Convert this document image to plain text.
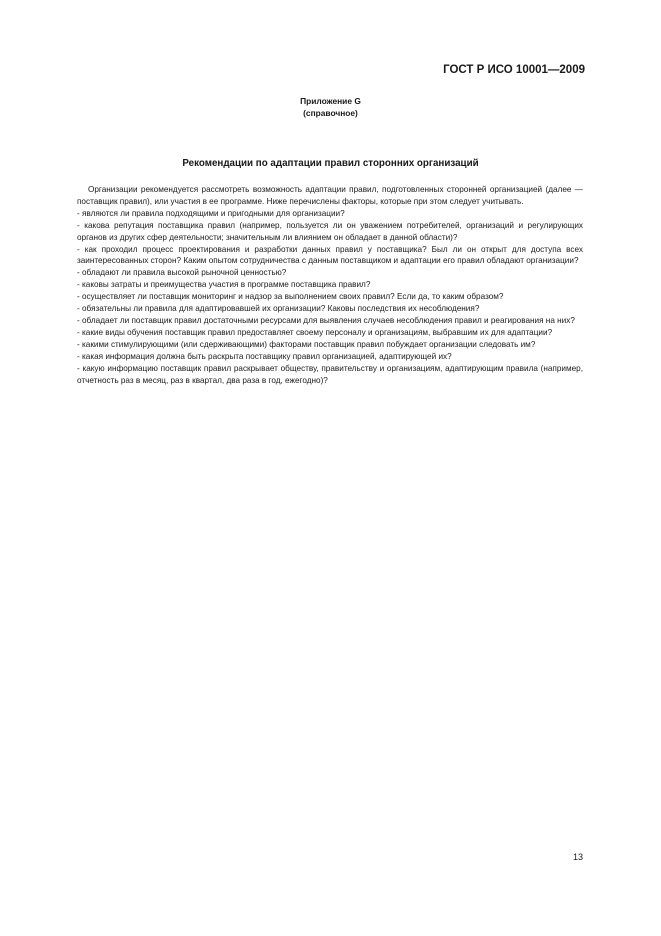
ГОСТ Р ИСО 10001—2009
Приложение G
(справочное)
Рекомендации по адаптации правил сторонних организаций

Организации рекомендуется рассмотреть возможность адаптации правил, подготовленных сторонней организацией (далее — поставщик правил), или участия в ее программе. Ниже перечислены факторы, которые при этом следует учитывать.

- являются ли правила подходящими и пригодными для организации?

- какова репутация поставщика правил (например, пользуется ли он уважением потребителей, организаций и регулирующих органов из других сфер деятельности; значительным ли влиянием он обладает в данной области)?

- как проходил процесс проектирования и разработки данных правил у поставщика? Был ли он открыт для доступа всех заинтересованных сторон? Каким опытом сотрудничества с данным поставщиком и адаптации его правил обладают организации?

- обладают ли правила высокой рыночной ценностью?

- каковы затраты и преимущества участия в программе поставщика правил?

- осуществляет ли поставщик мониторинг и надзор за выполнением своих правил? Если да, то каким образом?

- обязательны ли правила для адаптировавшей их организации? Каковы последствия их несоблюдения?

- обладает ли поставщик правил достаточными ресурсами для выявления случаев несоблюдения правил и реагирования на них?

- какие виды обучения поставщик правил предоставляет своему персоналу и организациям, выбравшим их для адаптации?

- какими стимулирующими (или сдерживающими) факторами поставщик правил побуждает организации следовать им?

- какая информация должна быть раскрыта поставщику правил организацией, адаптирующей их?

- какую информацию поставщик правил раскрывает обществу, правительству и организациям, адаптирующим правила (например, отчетность раз в месяц, раз в квартал, два раза в год, ежегодно)?

13
